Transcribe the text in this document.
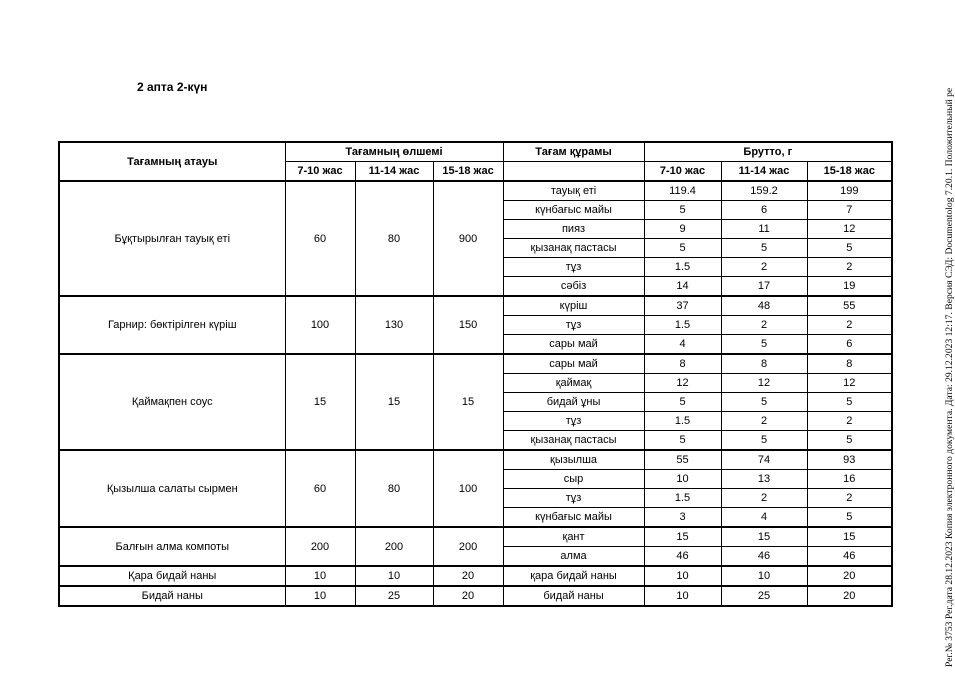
2 апта 2-күн
Тағамның атауы	Тағамның өлшемі			Тағам құрамы	Брутто, г		
	7-10 жас	11-14 жас	15-18 жас		7-10 жас	11-14 жас	15-18 жас
Бұқтырылған тауық еті	60	80	900	тауық еті	119.4	159.2	199
				күнбағыс майы	5	6	7
				пияз	9	11	12
				қызанақ пастасы	5	5	5
				тұз	1.5	2	2
				сәбіз	14	17	19
Гарнир: бөктірілген күріш	100	130	150	күріш	37	48	55
				тұз	1.5	2	2
				сары май	4	5	6
Қаймақпен соус	15	15	15	сары май	8	8	8
				қаймақ	12	12	12
				бидай ұны	5	5	5
				тұз	1.5	2	2
				қызанақ пастасы	5	5	5
Қызылша салаты сырмен	60	80	100	қызылша	55	74	93
				сыр	10	13	16
				тұз	1.5	2	2
				күнбағыс майы	3	4	5
Балғын алма компоты	200	200	200	қант	15	15	15
				алма	46	46	46
Қара бидай наны	10	10	20	қара бидай наны	10	10	20
Бидай наны	10	25	20	бидай наны	10	25	20	Рег.№ 3753 Рег.дата 28.12.2023 Копия электронного документа. Дата: 29.12.2023 12:17. Версия СЭД: Documentolog 7.20.1. Положительный ре
